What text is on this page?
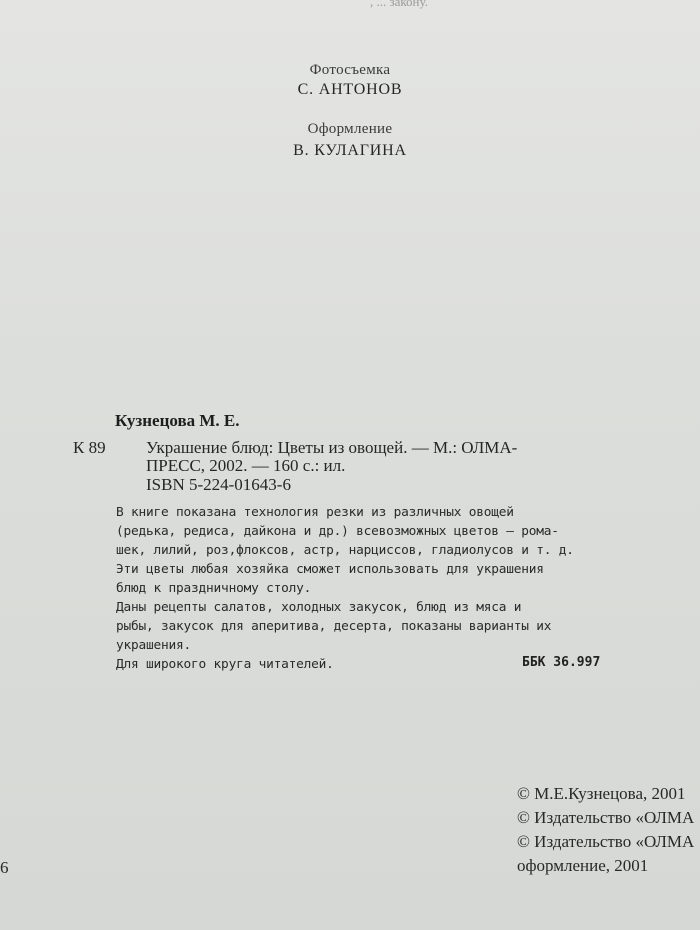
, ... закону.
Фотосъемка
С. АНТОНОВ
Оформление
В. КУЛАГИНА
Кузнецова М. Е.
К 89 Украшение блюд: Цветы из овощей. — М.: ОЛМА-
ПРЕСС, 2002. — 160 с.: ил.
ISBN 5-224-01643-6
В книге показана технология резки из различных овощей
(редька, редиса, дайкона и др.) всевозможных цветов — рома-
шек, лилий, роз,флоксов, астр, нарциссов, гладиолусов и т. д.
Эти цветы любая хозяйка сможет использовать для украшения
блюд к праздничному столу.
Даны рецепты салатов, холодных закусок, блюд из мяса и
рыбы, закусок для аперитива, десерта, показаны варианты их
украшения.
Для широкого круга читателей.	ББК 36.997
© М.Е.Кузнецова, 2001
© Издательство «ОЛМА
© Издательство «ОЛМА
оформление, 2001
6
